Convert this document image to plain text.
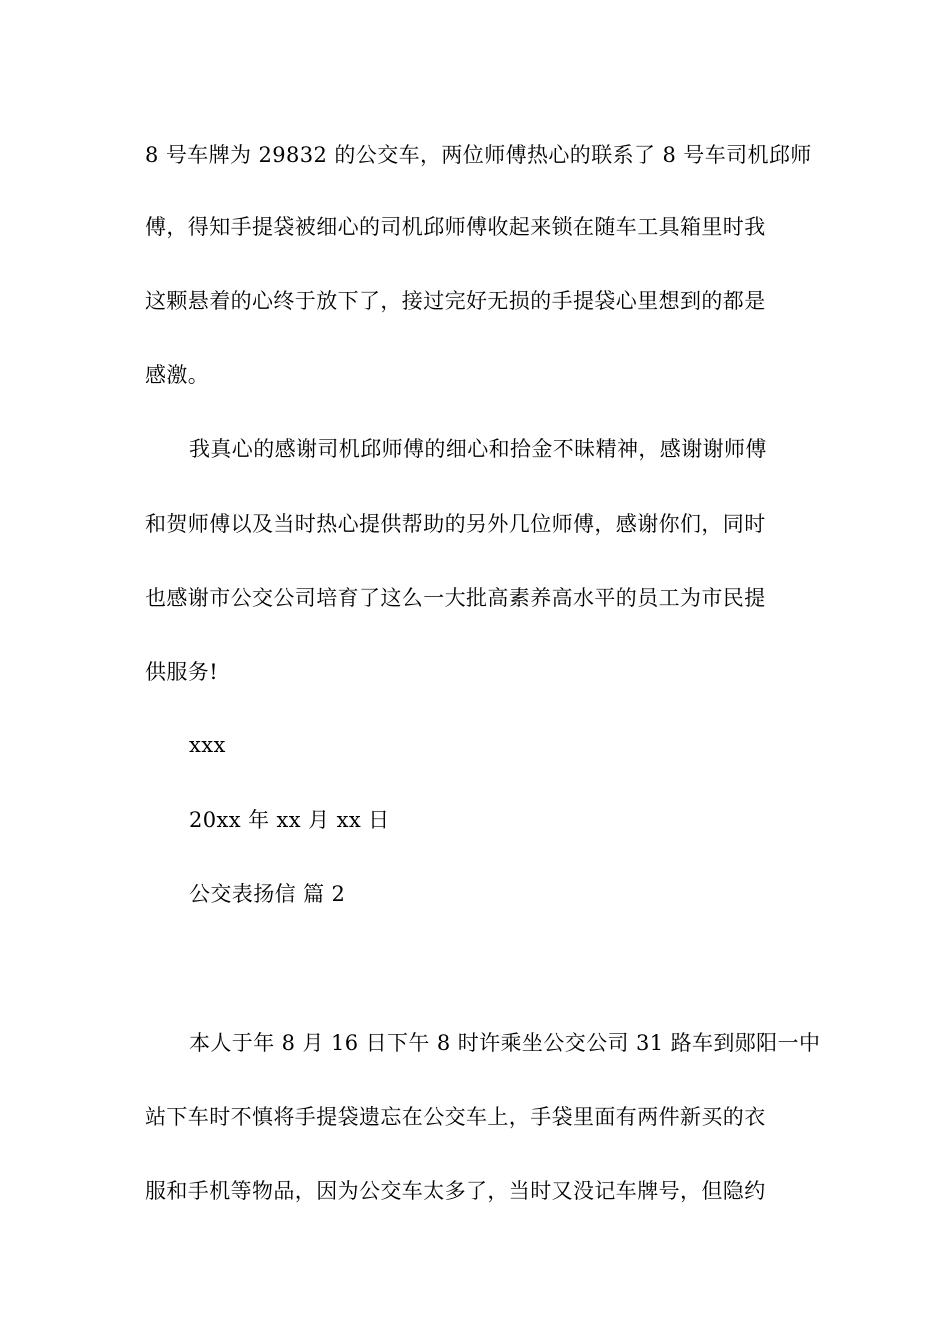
8 号车牌为 29832 的公交车，两位师傅热心的联系了 8 号车司机邱师
傅，得知手提袋被细心的司机邱师傅收起来锁在随车工具箱里时我
这颗悬着的心终于放下了，接过完好无损的手提袋心里想到的都是
感激。
我真心的感谢司机邱师傅的细心和拾金不昧精神，感谢谢师傅
和贺师傅以及当时热心提供帮助的另外几位师傅，感谢你们，同时
也感谢市公交公司培育了这么一大批高素养高水平的员工为市民提
供服务!
xxx
20xx 年 xx 月 xx 日
公交表扬信 篇 2
本人于年 8 月 16 日下午 8 时许乘坐公交公司 31 路车到郧阳一中
站下车时不慎将手提袋遗忘在公交车上，手袋里面有两件新买的衣
服和手机等物品，因为公交车太多了，当时又没记车牌号，但隐约
